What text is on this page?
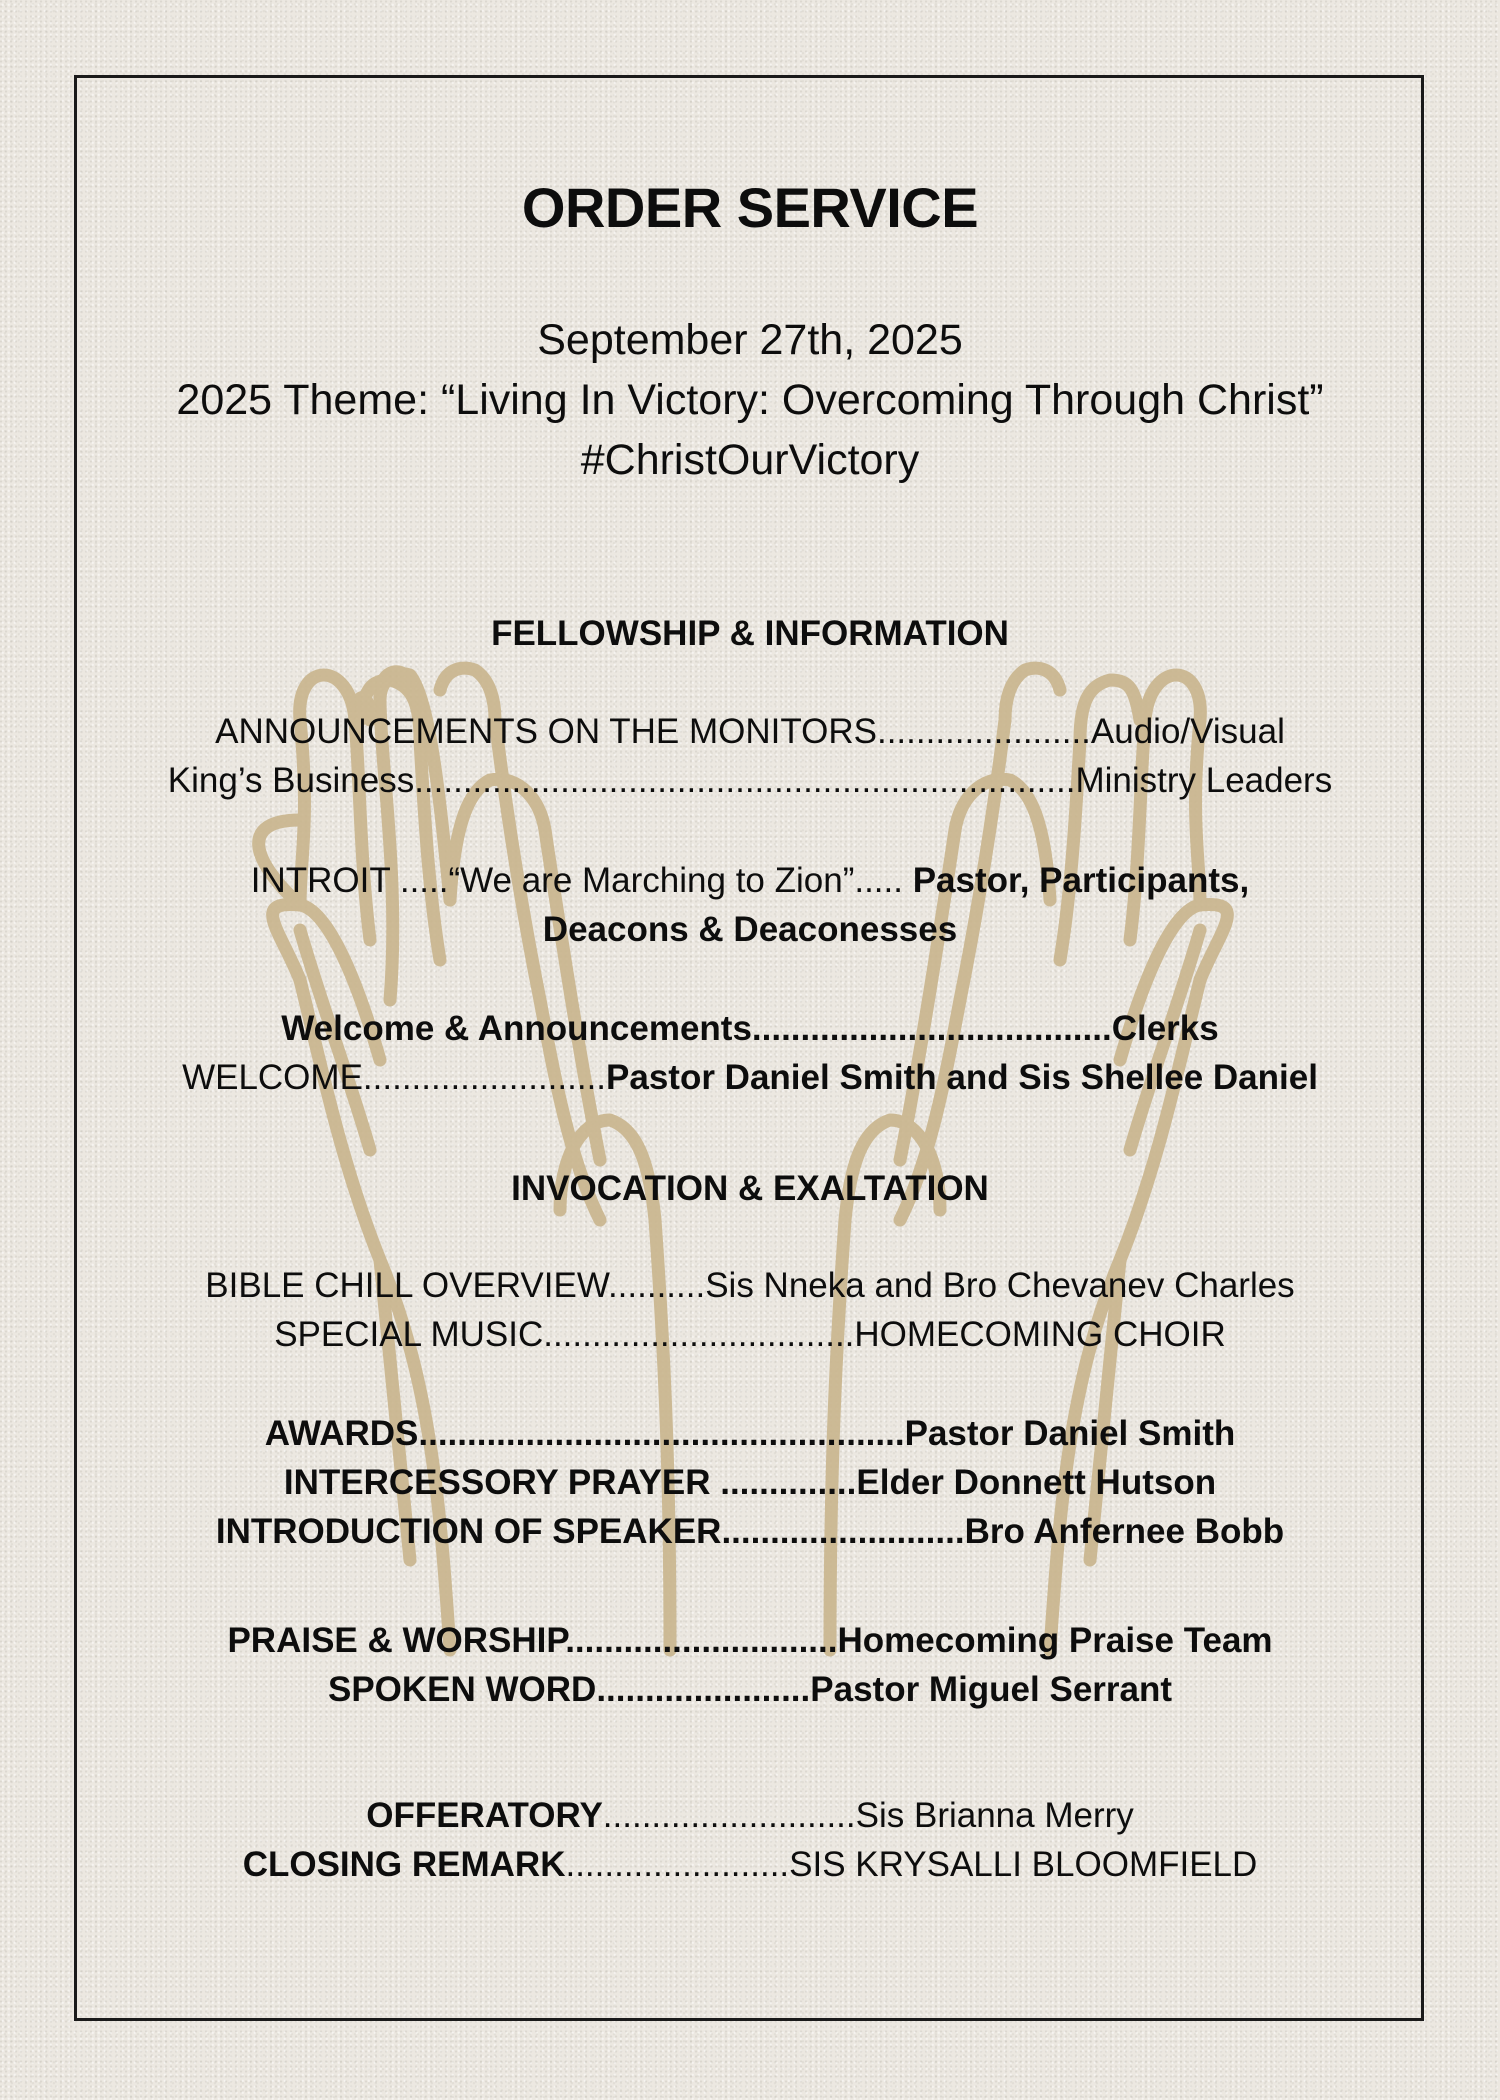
ORDER SERVICE
September 27th, 2025
2025 Theme: “Living In Victory: Overcoming Through Christ”
#ChristOurVictory
FELLOWSHIP & INFORMATION
ANNOUNCEMENTS ON THE MONITORS......................Audio/Visual
King’s Business....................................................................Ministry Leaders
INTROIT .....“We are Marching to Zion”..... Pastor, Participants,
Deacons & Deaconesses
Welcome & Announcements.....................................Clerks
WELCOME.........................Pastor Daniel Smith and Sis Shellee Daniel
INVOCATION & EXALTATION
BIBLE CHILL OVERVIEW..........Sis Nneka and Bro Chevanev Charles
SPECIAL MUSIC................................HOMECOMING CHOIR
AWARDS..................................................Pastor Daniel Smith
INTERCESSORY PRAYER ..............Elder Donnett Hutson
INTRODUCTION OF SPEAKER.........................Bro Anfernee Bobb
PRAISE & WORSHIP............................Homecoming Praise Team
SPOKEN WORD......................Pastor Miguel Serrant
OFFERATORY..........................Sis Brianna Merry
CLOSING REMARK.......................SIS KRYSALLI BLOOMFIELD
